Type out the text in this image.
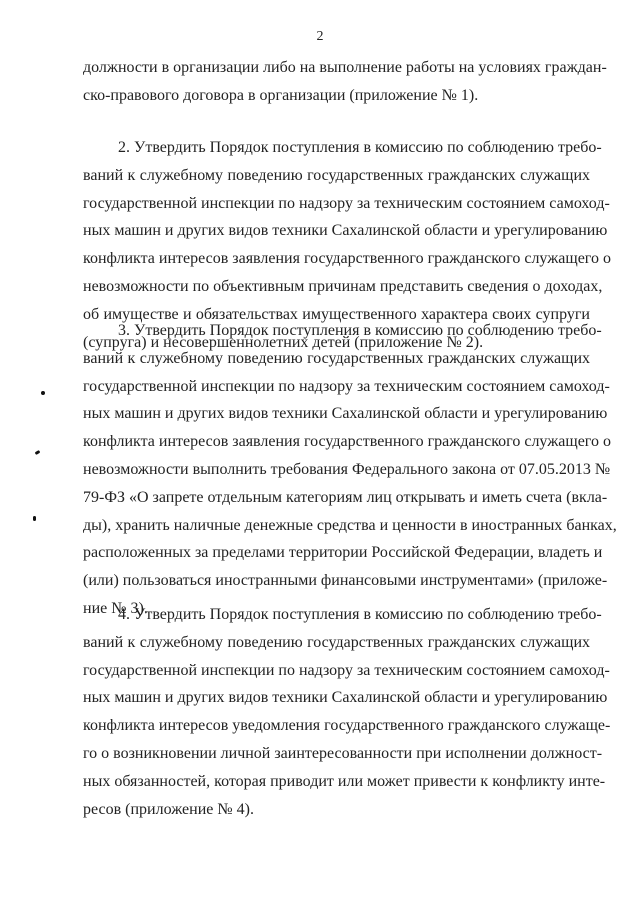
2
должности в организации либо на выполнение работы на условиях граждан-
ско-правового договора в организации (приложение № 1).
2. Утвердить Порядок поступления в комиссию по соблюдению требо-
ваний к служебному поведению государственных гражданских служащих
государственной инспекции по надзору за техническим состоянием самоход-
ных машин и других видов техники Сахалинской области и урегулированию
конфликта интересов заявления государственного гражданского служащего о
невозможности по объективным причинам представить сведения о доходах,
об имуществе и обязательствах имущественного характера своих супруги
(супруга) и несовершеннолетних детей (приложение № 2).
3. Утвердить Порядок поступления в комиссию по соблюдению требо-
ваний к служебному поведению государственных гражданских служащих
государственной инспекции по надзору за техническим состоянием самоход-
ных машин и других видов техники Сахалинской области и урегулированию
конфликта интересов заявления государственного гражданского служащего о
невозможности выполнить требования Федерального закона от 07.05.2013 №
79-ФЗ «О запрете отдельным категориям лиц открывать и иметь счета (вкла-
ды), хранить наличные денежные средства и ценности в иностранных банках,
расположенных за пределами территории Российской Федерации, владеть и
(или) пользоваться иностранными финансовыми инструментами» (приложе-
ние № 3).
4. Утвердить Порядок поступления в комиссию по соблюдению требо-
ваний к служебному поведению государственных гражданских служащих
государственной инспекции по надзору за техническим состоянием самоход-
ных машин и других видов техники Сахалинской области и урегулированию
конфликта интересов уведомления государственного гражданского служаще-
го о возникновении личной заинтересованности при исполнении должност-
ных обязанностей, которая приводит или может привести к конфликту инте-
ресов (приложение № 4).
